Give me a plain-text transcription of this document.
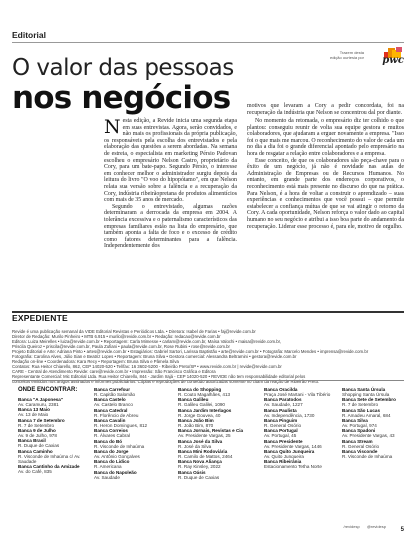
Editorial
Trazem desta
edição ourtesia por pwc
O valor das pessoas
nos negócios	motivos que levaram a Cory a pedir concordata, foi na recuperação da indústria que Nelson se concentrou dal por diante.

N esta edição, a Revide inicia uma segunda etapa em suas entrevistas. Agora, serão convidados, e não mais os profissionais da própria publicação, os responsáveis pela escolha dos entrevistados e pela elaboração das questões a serem abordadas. Na semana de estreia, o especialista em marketing Pérsio Padovan escolheu o empresário Nelson Castro, proprietário da Cory, para um bate-papo. Segundo Pérsio, o interesse em conhecer melhor o administrador surgiu depois da leitura do livro "O voo do hipopótamo", em que Nelson relata sua versão sobre a falência e a recuperação da Cory, indústria ribeirãopretana de produtos alimentícios com mais de 35 anos de mercado.

Segundo o entrevistado, algumas razões determinaram a derrocada da empresa em 2004. A tolerância excessiva e o paternalismo característicos das empresas familiares estão na lista do empresário, que também aponta a falta de foco e o excesso de crédito como fatores determinantes para a falência. Independentemente dos

No momento da retomada, o empresário diz ter colhido o que plantou: conseguiu reunir de volta sua equipe gestora e muitos colaboradores, que ajudaram a erguer novamente a empresa. "Isso foi o que mais me marcou. O reconhecimento do valor de cada um no dia a dia foi o grande diferencial apontado pelo empresário na hora de resgatar a relação entre colaboradores e a empresa.

Esse conceito, de que os colaboradores são peça-chave para o êxito de um negócio, já não é novidade nas aulas de Administração de Empresas ou de Recursos Humanos. No entanto, em grande parte dos endereços corporativos, o reconhecimento está mais presente no discurso do que na prática. Para Nelson, é a hora de voltar a construir o aprendizado – suas experiências e conhecimentos que você possui – que permite estabelecer a confiança mútua de que se vai atingir o retorno da Cory. A cada oportunidade, Nelson reforça o valor dado ao capital humano no seu negócio e atribui a isso boa parte do andamento da recuperação. Liderar esse processo é, para ele, motivo de orgulho.

EXPEDIENTE
Revide é uma publicação semanal da VIDE Editorial Revistas e Periódicos Ltda. • Diretora: Isabel de Farias • faj@revide.com.br
Diretor de Redação: Murilo Pinheiro • MTB 6.915 • murilo@revide.com.br • Redação: redacao@revide.com.br
Editora: Luiza Meirelles • luiza@revide.com.br • Reportagem: Carla Mimesse • carlam@revide.com.br, Maísa Valochi • maisa@revide.com.br,
Priscila Queiroz • priscila@revide.com.br, Paula Zufiani • paula@revide.com.br, Rose Rubini • rose@revide.com.br
Projeto Editorial e Arte: Adriana Pinto • artes@revide.com.br • Estagiários: Gabriel Sartori, Larissa Baptistão • arte@revide.com.br • Fotografia: Marcelo Mendes • imprensa@revide.com.br
Fotografia: Carolina Alves, Júlio Sian e Beatriz Lopes • Reportagem: Bruna Silva • Gestora comercial: Alessandra Beltramini • gestora@revide.com.br
Redação on-line • Coordenadora: Kara Recy • Reportagem: Bruna Silva e Pâmela Silva
Contatos: Rua Heitor Chiarello, 862, CEP 14020-520 • Tel/fax: 16 3602-5200 - Ribeirão Preto/SP • www.revide.com.br | revide@revide.com.br
CARE - Central de Atendimento Revide: care@revide.com.br • Impressão: São Francisco Gráfica e Editora
Representante Comercial: Mic Editorial Ltda. Rua Heitor Chiarello, 844 - Jardim Irajá - CEP 14020-520 • REVIDE não tem responsabilidade editorial pelos
conceitos emitidos nos artigos assinados e informes publicitários. Cópias e reproduções de conteúdo autorizadas somente no citam da reação de Ribeirão Preto.
ONDE ENCONTRAR:
Banca "A Japonesa"
Av. Caramuru, 2381
Banca 13 Maio
Av. 13 de Maio
Banca 7 de Setembro
R. 7 de Setembro
Banca 9 de Julho
Av. 9 de Julho, 978
Banca Brasil
R. Duque de Caxias
Banca Caminho
R. Visconde de Inhaúma c/ Av. Saudade
Banca Cantinho da Amizade
Av. do Café, 835
Banca Carrefour
R. Capitão Salomão
Banca Castelo
Av. Castelo Branco
Banca Catedral
R. Florêncio de Abreu
Banca Cavalin
R. Heron Domingues, 812
Banca Correios
R. Álvares Cabral
Banca do Bó
R. Visconde de Inhaúma
Banca do Jorge
Av. Antônio Gonçalves
Banca do Lidico
R. Americana
Banca do Napoleão
Av. Saudade
Banca do Shopping
R. Couto Magalhães, 413
Banca Galileu
R. Galileu Galilei, 1090
Banca Jardim Interlagos
R. Jorge Gouvea, 40
Banca João Bim
R. João Bim, 870
Banca Jornais, Revistas e Cia
Av. Presidente Vargas, 25
Banca José da Silva
R. José da Silva
Banca Mini Rodoviária
R. Camilo de Mattos, 2464
Banca Nova Aliança
R. Ray Kinsley, 2022
Banca Oásis
R. Duque de Caxias
Banca Oracilda
Praça José Martani - Vila Tibério
Banca Paratodos
Av. Saudade, 1227
Banca Paulista
Av. Independência, 1730
Banca Pinguim
R. General Osório
Banca Portugal
Av. Portugal, 45
Banca Presidente
Av. Presidente Vargas, 1446
Banca Quito Junqueira
Av. Quito Junqueira
Banca Ribeirânia
Estacionamento Tetha Norte
Banca Santa Úrsula
Shopping Santa Úrsula
Banca Sete de Setembro
R. 7 de Setembro
Banca São Lucas
R. Amadeu Amaral, 684
Banca Silva
Av. Portugal, 974
Banca Spadoni
Av. Presidente Vargas, 43
Banca Stream
R. General Osório
Banca Visconde
R. Visconde de Inhaúma
/revidesp @revidesp
5
